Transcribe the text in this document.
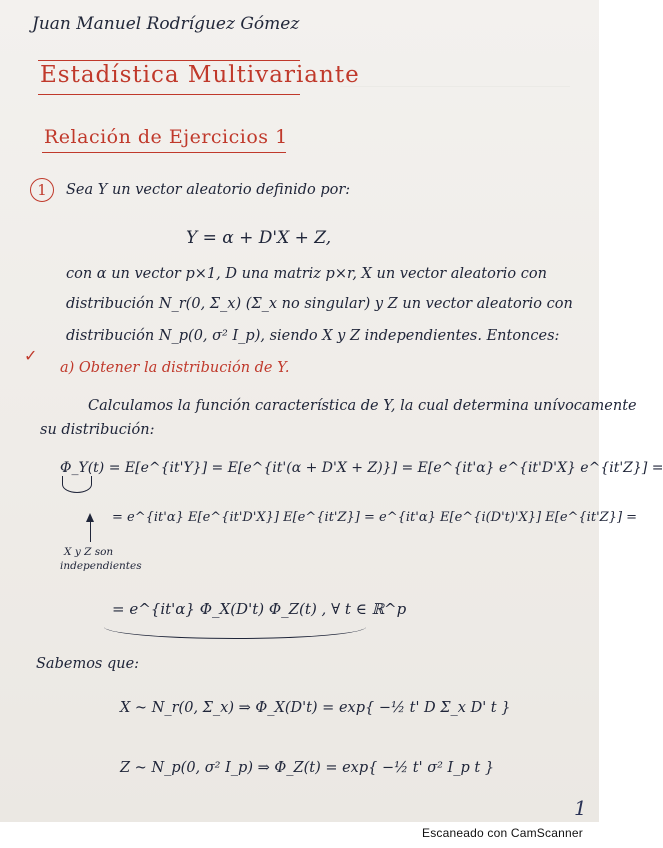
Juan Manuel Rodríguez Gómez
Estadística Multivariante
Relación de Ejercicios 1
1	Sea Y un vector aleatorio definido por:
Y = α + D'X + Z,
con α un vector p×1, D una matriz p×r, X un vector aleatorio con
distribución N_r(0, Σ_x) (Σ_x no singular) y Z un vector aleatorio con
distribución N_p(0, σ² I_p), siendo X y Z independientes. Entonces:
✓
a) Obtener la distribución de Y.
Calculamos la función característica de Y, la cual determina unívocamente
su distribución:
Φ_Y(t) = E[e^{it'Y}] = E[e^{it'(α + D'X + Z)}] = E[e^{it'α} e^{it'D'X} e^{it'Z}] =
= e^{it'α} E[e^{it'D'X}] E[e^{it'Z}] = e^{it'α} E[e^{i(D't)'X}] E[e^{it'Z}] =
X y Z son
independientes
= e^{it'α} Φ_X(D't) Φ_Z(t) , ∀ t ∈ ℝ^p
Sabemos que:
X ~ N_r(0, Σ_x) ⇒ Φ_X(D't) = exp{ −½ t' D Σ_x D' t }
Z ~ N_p(0, σ² I_p) ⇒ Φ_Z(t) = exp{ −½ t' σ² I_p t }
1
Escaneado con CamScanner
